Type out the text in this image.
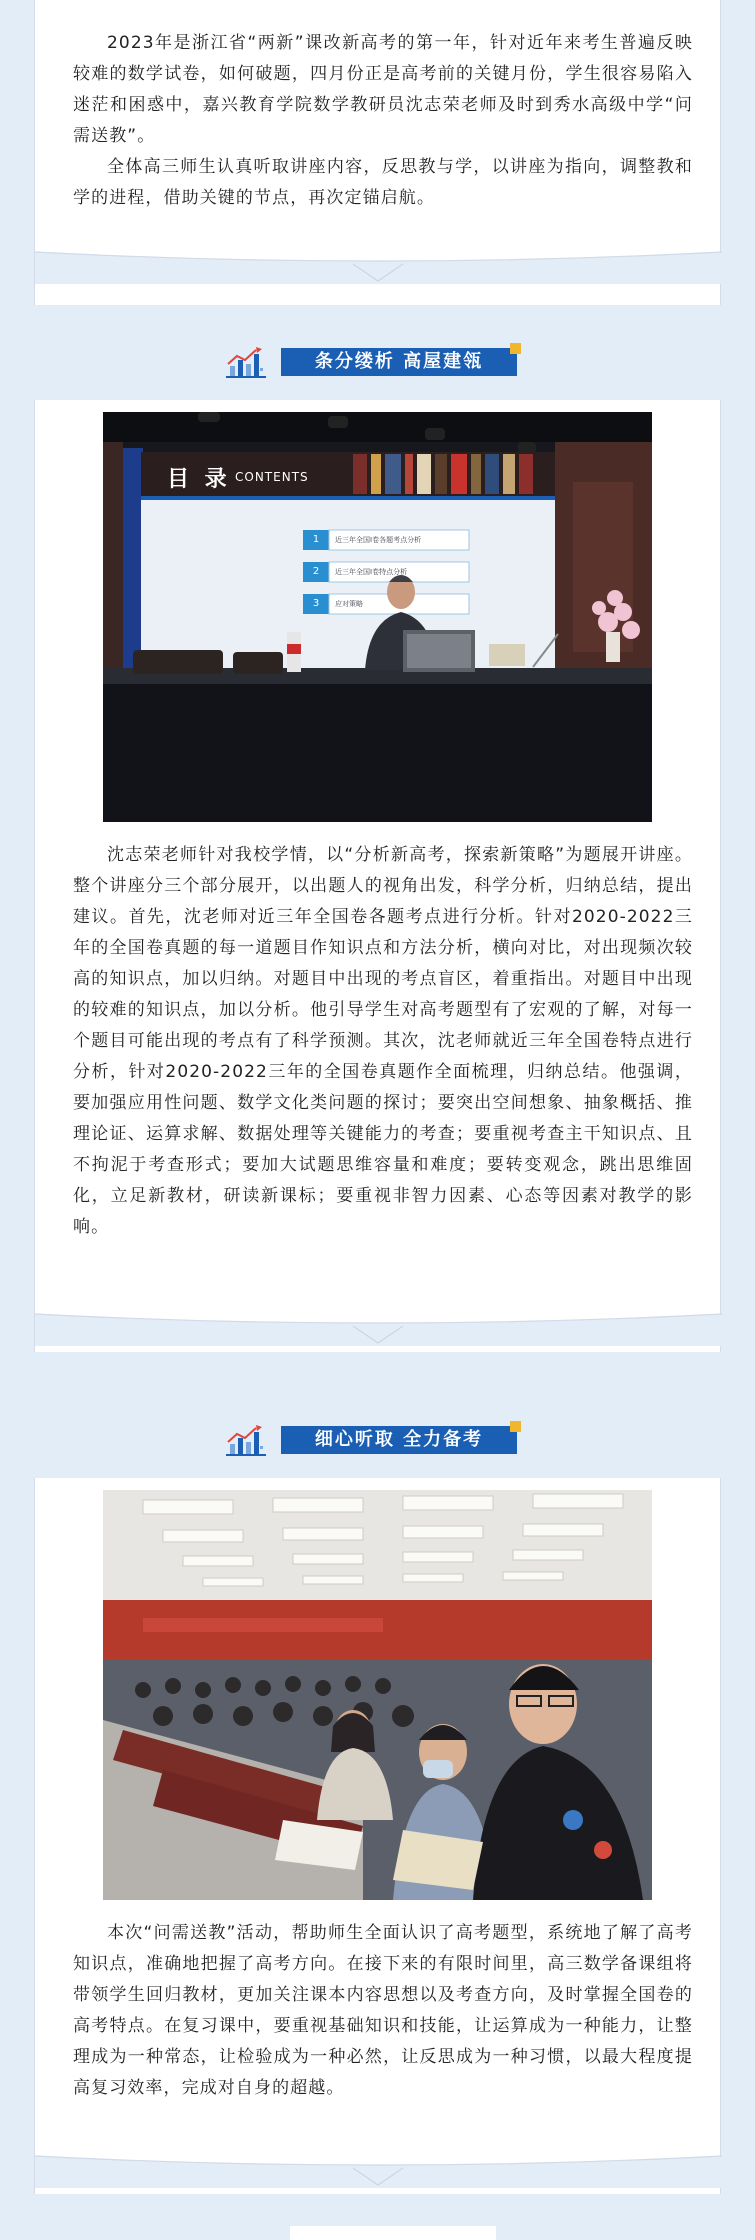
2023年是浙江省“两新”课改新高考的第一年，针对近年来考生普遍反映较难的数学试卷，如何破题，四月份正是高考前的关键月份，学生很容易陷入迷茫和困惑中，嘉兴教育学院数学教研员沈志荣老师及时到秀水高级中学“问需送教”。

全体高三师生认真听取讲座内容，反思教与学，以讲座为指向，调整教和学的进程，借助关键的节点，再次定锚启航。

条分缕析 高屋建瓴
目 录 CONTENTS
1	近三年全国I卷各题考点分析
2	近三年全国I卷特点分析
3	应对策略

沈志荣老师针对我校学情，以“分析新高考，探索新策略”为题展开讲座。整个讲座分三个部分展开，以出题人的视角出发，科学分析，归纳总结，提出建议。首先，沈老师对近三年全国卷各题考点进行分析。针对2020-2022三年的全国卷真题的每一道题目作知识点和方法分析，横向对比，对出现频次较高的知识点，加以归纳。对题目中出现的考点盲区，着重指出。对题目中出现的较难的知识点，加以分析。他引导学生对高考题型有了宏观的了解，对每一个题目可能出现的考点有了科学预测。其次，沈老师就近三年全国卷特点进行分析，针对2020-2022三年的全国卷真题作全面梳理，归纳总结。他强调，要加强应用性问题、数学文化类问题的探讨；要突出空间想象、抽象概括、推理论证、运算求解、数据处理等关键能力的考查；要重视考查主干知识点、且不拘泥于考查形式；要加大试题思维容量和难度；要转变观念，跳出思维固化，立足新教材，研读新课标；要重视非智力因素、心态等因素对教学的影响。

细心听取 全力备考

本次“问需送教”活动，帮助师生全面认识了高考题型，系统地了解了高考知识点，准确地把握了高考方向。在接下来的有限时间里，高三数学备课组将带领学生回归教材，更加关注课本内容思想以及考查方向，及时掌握全国卷的高考特点。在复习课中，要重视基础知识和技能，让运算成为一种能力，让整理成为一种常态，让检验成为一种必然，让反思成为一种习惯，以最大程度提高复习效率，完成对自身的超越。
